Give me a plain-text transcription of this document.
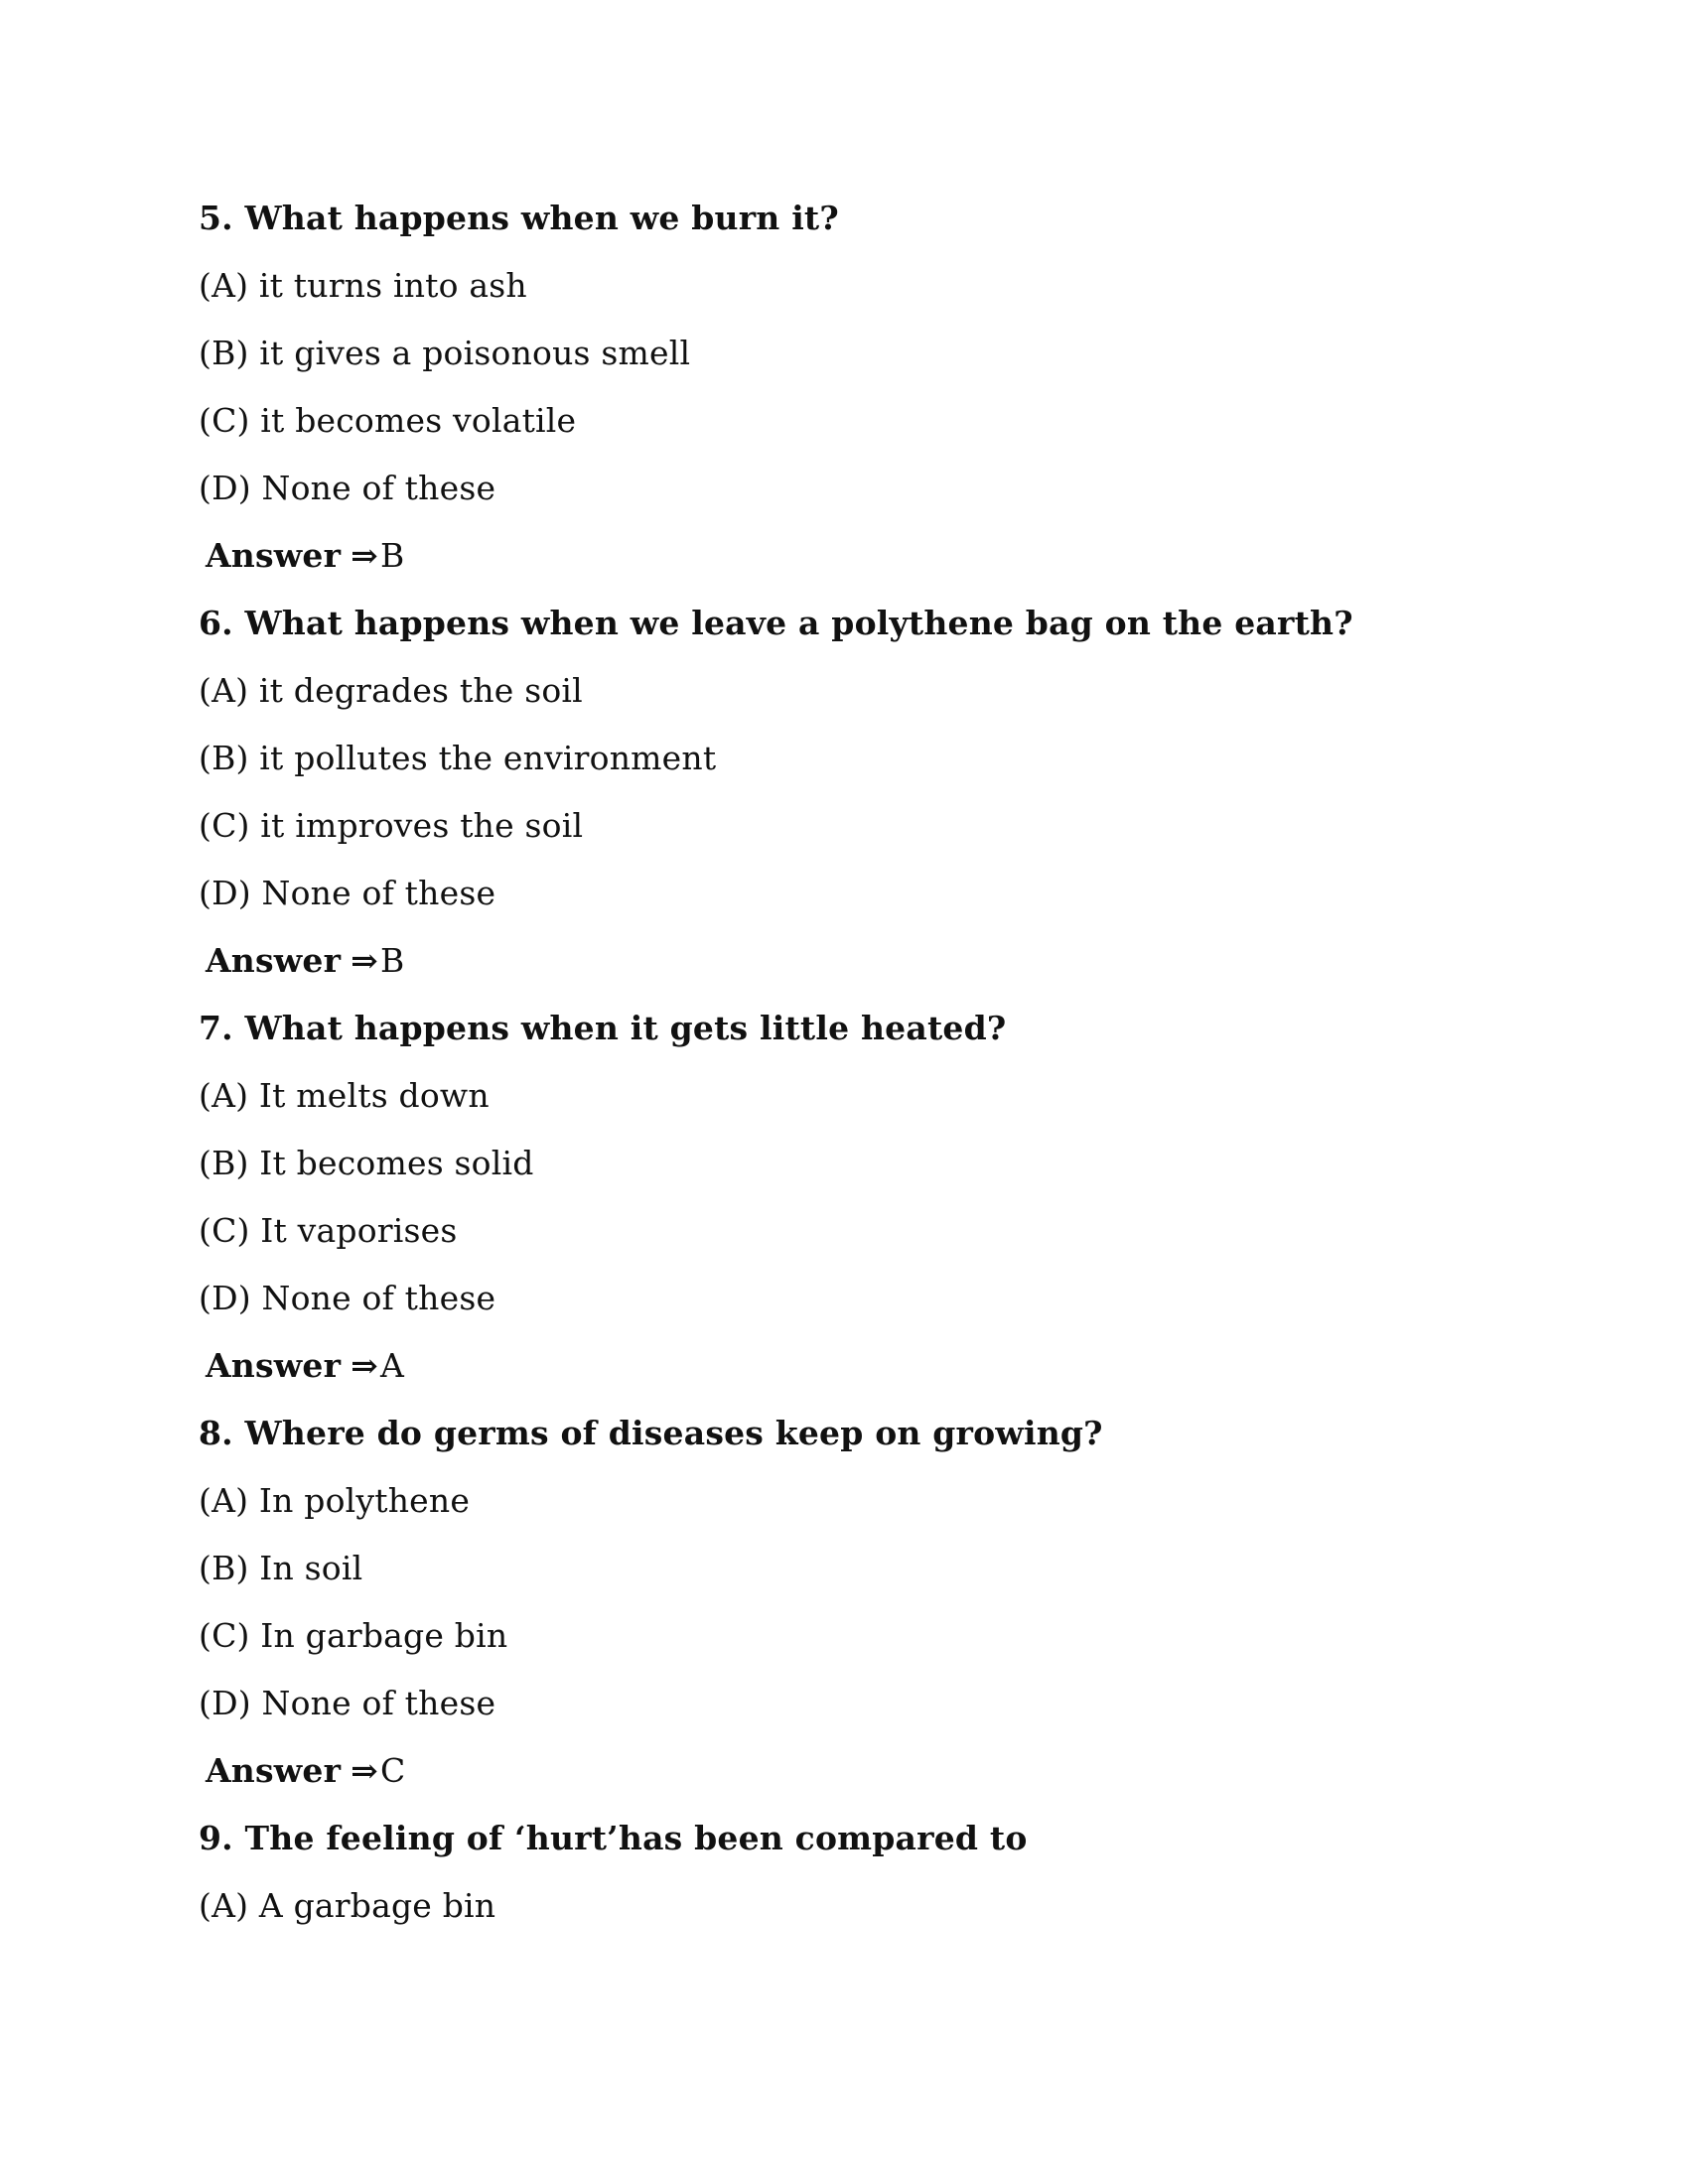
5. What happens when we burn it?
(A) it turns into ash
(B) it gives a poisonous smell
(C) it becomes volatile
(D) None of these
Answer ⇒B
6. What happens when we leave a polythene bag on the earth?
(A) it degrades the soil
(B) it pollutes the environment
(C) it improves the soil
(D) None of these
Answer ⇒B
7. What happens when it gets little heated?
(A) It melts down
(B) It becomes solid
(C) It vaporises
(D) None of these
Answer ⇒A
8. Where do germs of diseases keep on growing?
(A) In polythene
(B) In soil
(C) In garbage bin
(D) None of these
Answer ⇒C
9. The feeling of ‘hurt’has been compared to
(A) A garbage bin
